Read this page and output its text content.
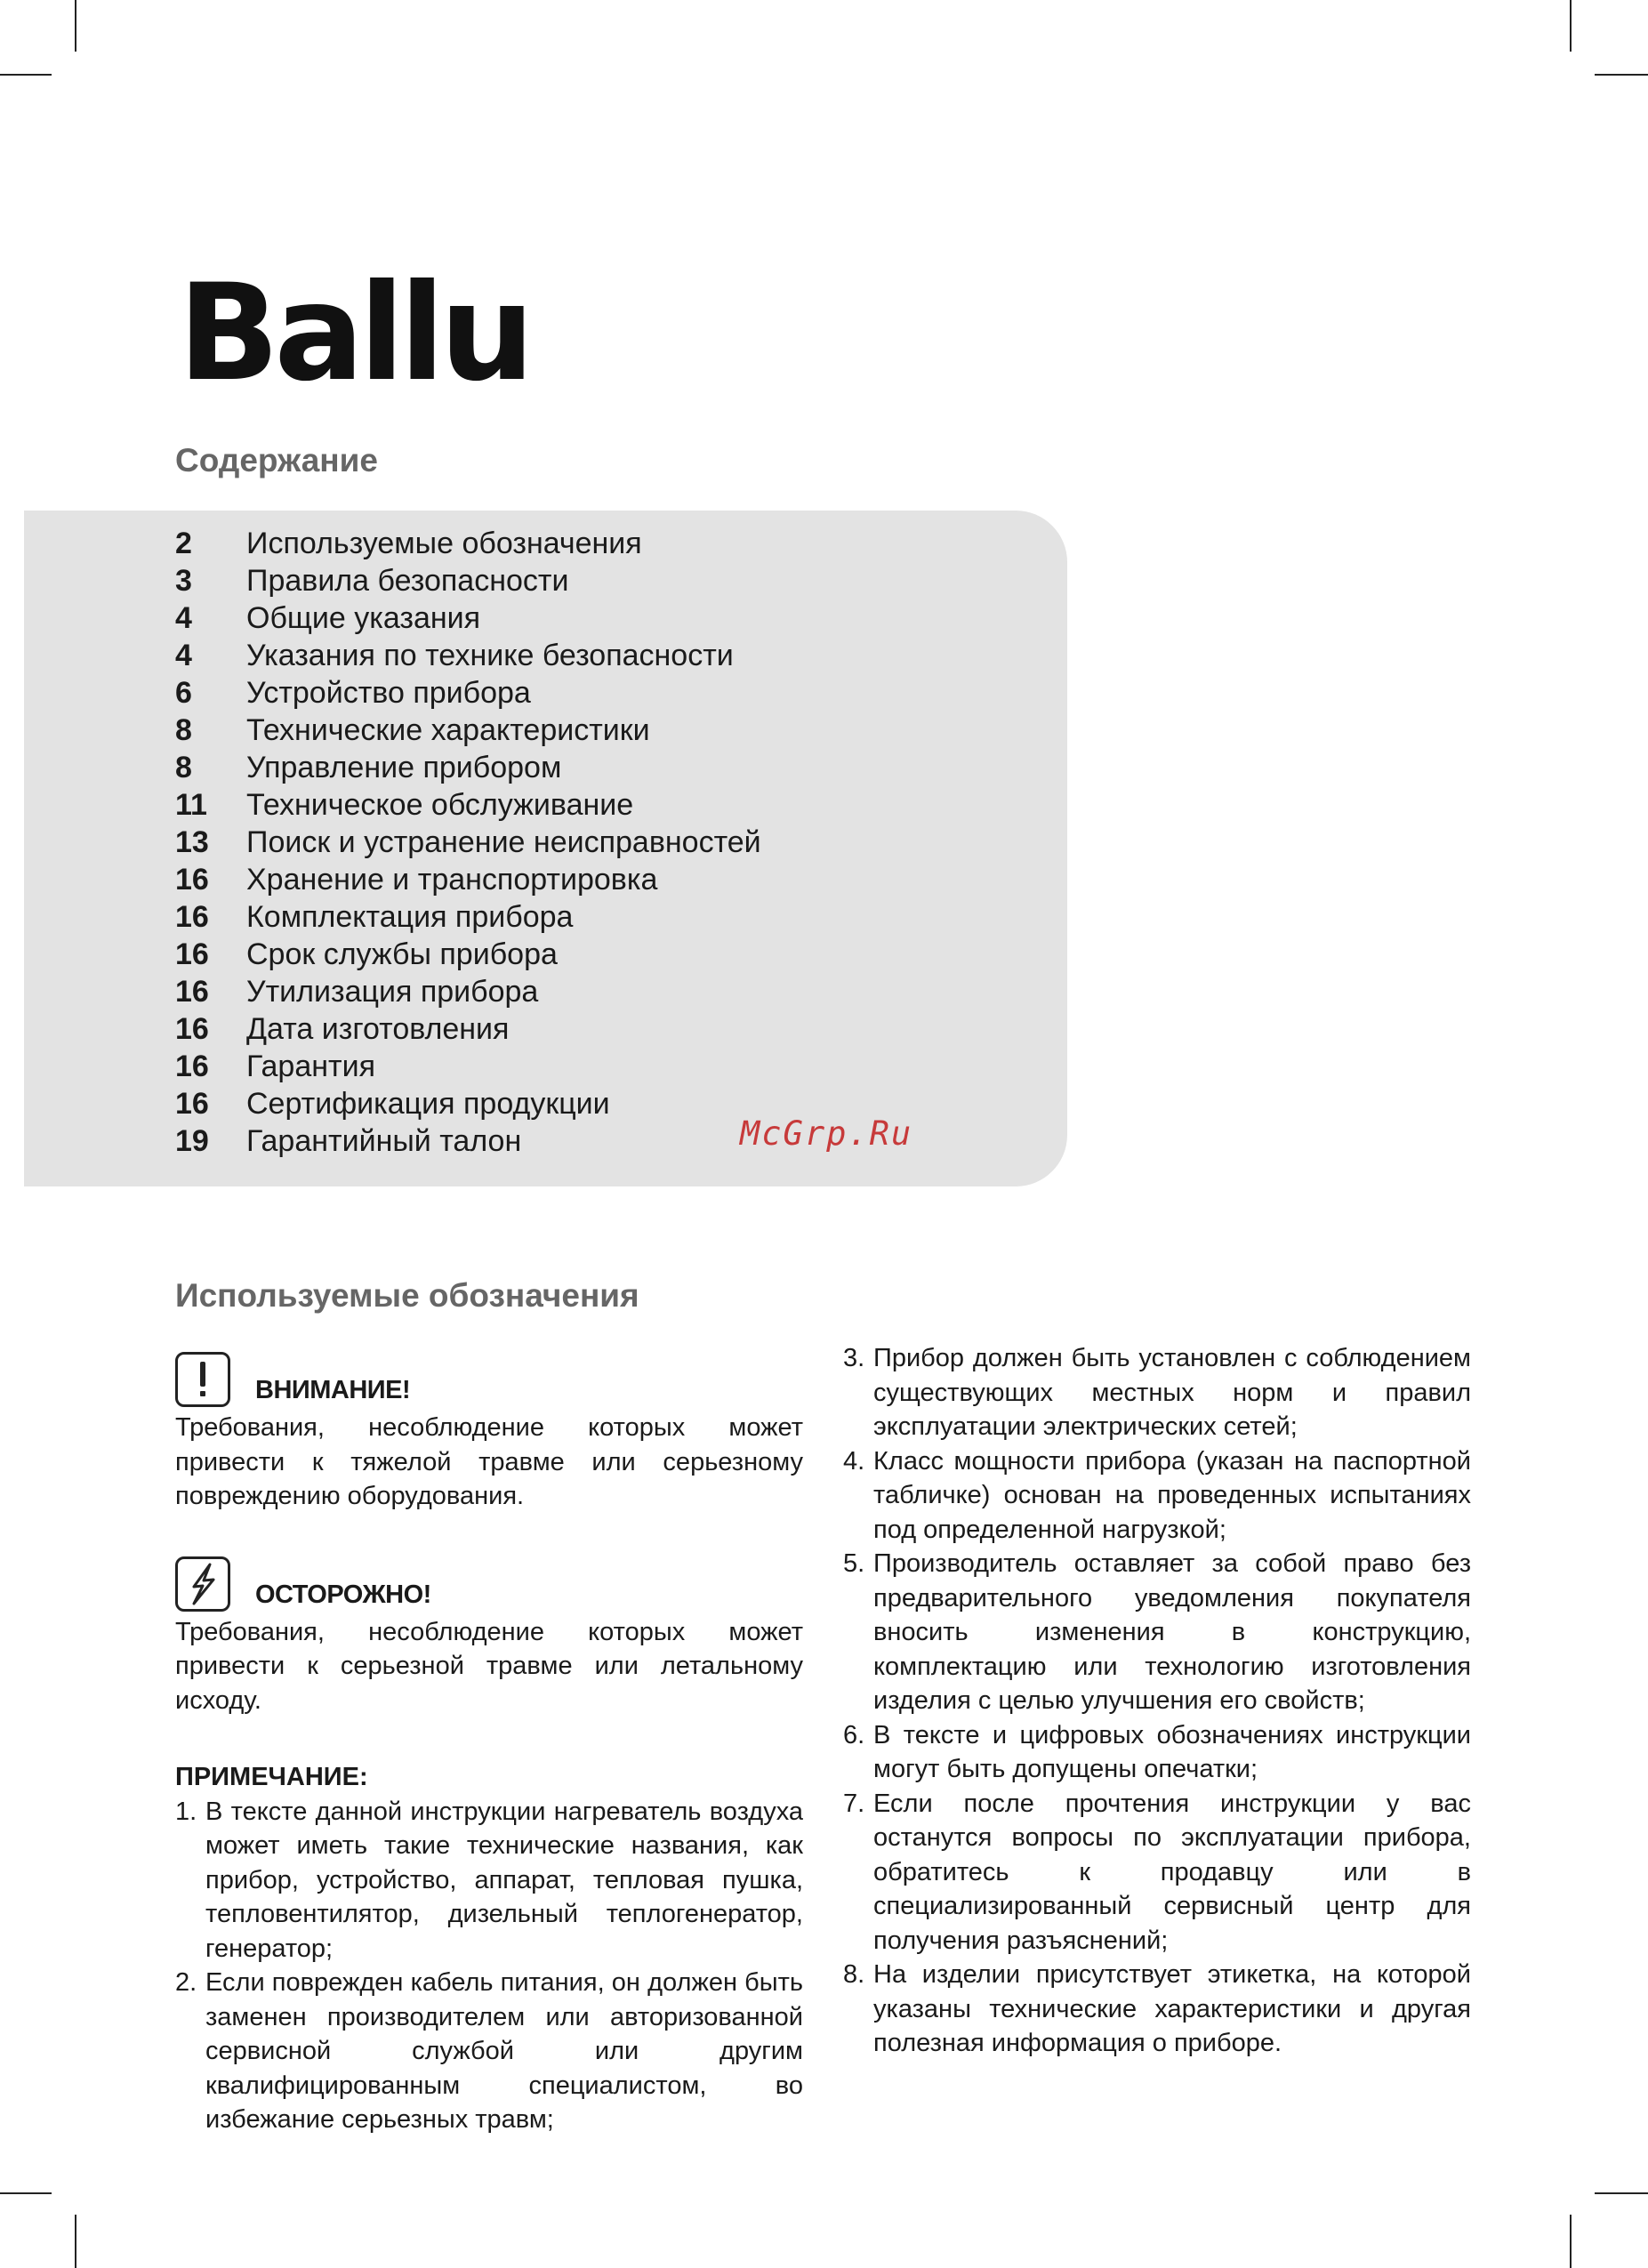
Ballu
Содержание
2	Используемые обозначения
3	Правила безопасности
4	Общие указания
4	Указания по технике безопасности
6	Устройство прибора
8	Технические характеристики
8	Управление прибором
11	Техническое обслуживание
13	Поиск и устранение неисправностей
16	Хранение и транспортировка
16	Комплектация прибора
16	Срок службы прибора
16	Утилизация прибора
16	Дата изготовления
16	Гарантия
16	Сертификация продукции
19	Гарантийный талон	McGrp.Ru
Используемые обозначения
ВНИМАНИЕ!

Требования, несоблюдение которых может привести к тяжелой травме или серьезному повреждению оборудования.

ОСТОРОЖНО!

Требования, несоблюдение которых может привести к серьезной травме или летальному исходу.

ПРИМЕЧАНИЕ:
1. В тексте данной инструкции нагреватель воздуха может иметь такие технические названия, как прибор, устройство, аппарат, тепловая пушка, тепловентилятор, дизельный теплогенератор, генератор;
2. Если поврежден кабель питания, он должен быть заменен производителем или авторизованной сервисной службой или другим квалифицированным специалистом, во избежание серьезных травм;
3. Прибор должен быть установлен с соблюдением существующих местных норм и правил эксплуатации электрических сетей;
4. Класс мощности прибора (указан на паспортной табличке) основан на проведенных испытаниях под определенной нагрузкой;
5. Производитель оставляет за собой право без предварительного уведомления покупателя вносить изменения в конструкцию, комплектацию или технологию изготовления изделия с целью улучшения его свойств;
6. В тексте и цифровых обозначениях инструкции могут быть допущены опечатки;
7. Если после прочтения инструкции у вас останутся вопросы по эксплуатации прибора, обратитесь к продавцу или в специализированный сервисный центр для получения разъяснений;
8. На изделии присутствует этикетка, на которой указаны технические характеристики и другая полезная информация о приборе.
